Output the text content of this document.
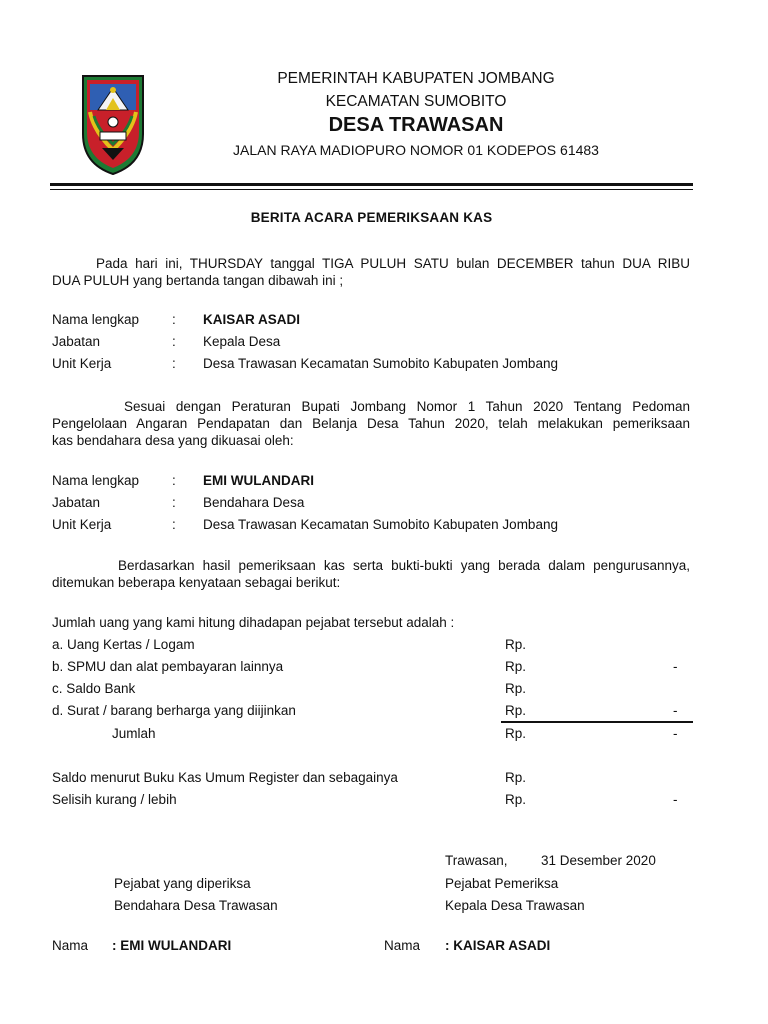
PEMERINTAH KABUPATEN JOMBANG
KECAMATAN SUMOBITO
DESA TRAWASAN
JALAN RAYA MADIOPURO NOMOR 01 KODEPOS 61483
BERITA ACARA PEMERIKSAAN KAS
Pada hari ini, THURSDAY tanggal TIGA PULUH SATU bulan DECEMBER tahun DUA RIBU
DUA PULUH yang bertanda tangan dibawah ini ;
Nama lengkap : KAISAR ASADI
Jabatan	: Kepala Desa
Unit Kerja	: Desa Trawasan Kecamatan Sumobito Kabupaten Jombang
Sesuai dengan Peraturan Bupati Jombang Nomor 1 Tahun 2020 Tentang Pedoman
Pengelolaan Angaran Pendapatan dan Belanja Desa Tahun 2020, telah melakukan pemeriksaan
kas bendahara desa yang dikuasai oleh:
Nama lengkap : EMI WULANDARI
Jabatan	: Bendahara Desa
Unit Kerja	: Desa Trawasan Kecamatan Sumobito Kabupaten Jombang
Berdasarkan hasil pemeriksaan kas serta bukti-bukti yang berada dalam pengurusannya,
ditemukan beberapa kenyataan sebagai berikut:
Jumlah uang yang kami hitung dihadapan pejabat tersebut adalah :
a. Uang Kertas / Logam	Rp.
b. SPMU dan alat pembayaran lainnya	Rp.	-
c. Saldo Bank	Rp.
d. Surat / barang berharga yang diijinkan	Rp.	-
Jumlah	Rp.	-
Saldo menurut Buku Kas Umum Register dan sebagainya	Rp.
Selisih kurang / lebih	Rp.	-
Trawasan, 31 Desember 2020
Pejabat yang diperiksa	Pejabat Pemeriksa
Bendahara Desa Trawasan	Kepala Desa Trawasan
Nama : EMI WULANDARI	Nama : KAISAR ASADI
